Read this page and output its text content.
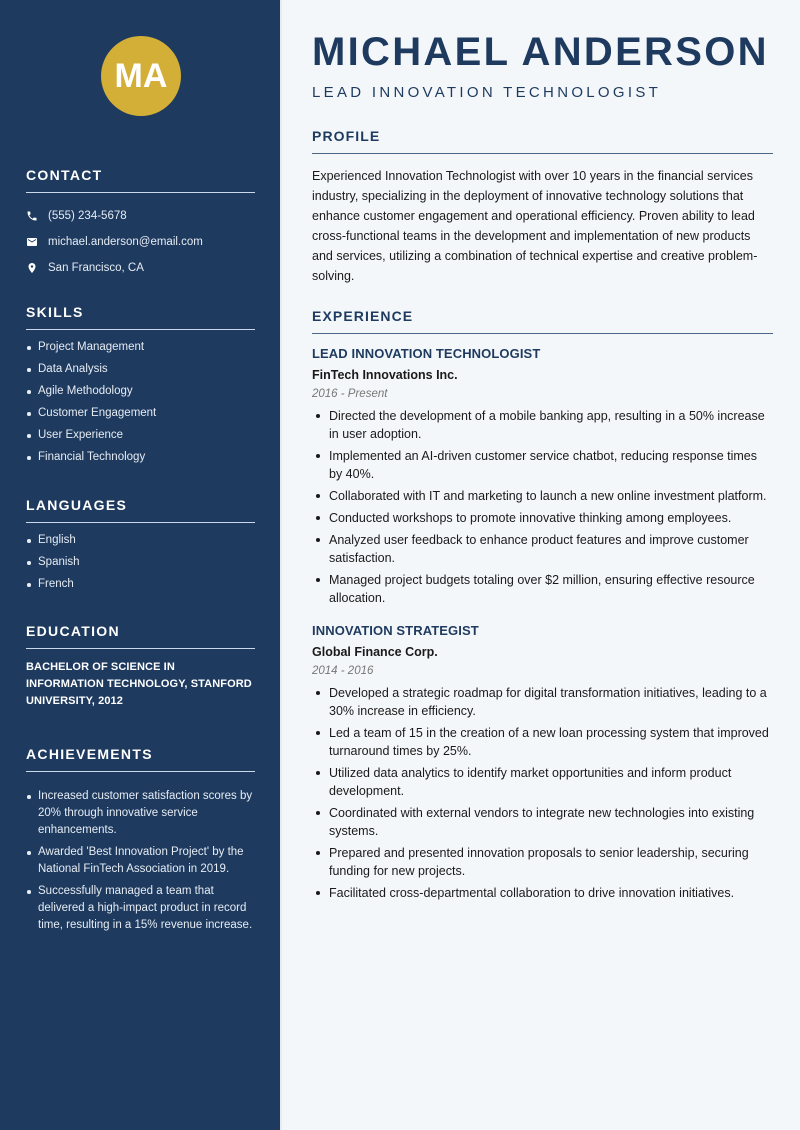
MA
CONTACT
(555) 234-5678
michael.anderson@email.com
San Francisco, CA
SKILLS
Project Management
Data Analysis
Agile Methodology
Customer Engagement
User Experience
Financial Technology
LANGUAGES
English
Spanish
French
EDUCATION

BACHELOR OF SCIENCE IN INFORMATION TECHNOLOGY, STANFORD UNIVERSITY, 2012

ACHIEVEMENTS
Increased customer satisfaction scores by 20% through innovative service enhancements.
Awarded 'Best Innovation Project' by the National FinTech Association in 2019.
Successfully managed a team that delivered a high-impact product in record time, resulting in a 15% revenue increase.
MICHAEL ANDERSON
LEAD INNOVATION TECHNOLOGIST
PROFILE

Experienced Innovation Technologist with over 10 years in the financial services industry, specializing in the deployment of innovative technology solutions that enhance customer engagement and operational efficiency. Proven ability to lead cross-functional teams in the development and implementation of new products and services, utilizing a combination of technical expertise and creative problem-solving.

EXPERIENCE
LEAD INNOVATION TECHNOLOGIST
FinTech Innovations Inc.
2016 - Present
Directed the development of a mobile banking app, resulting in a 50% increase in user adoption.
Implemented an AI-driven customer service chatbot, reducing response times by 40%.
Collaborated with IT and marketing to launch a new online investment platform.
Conducted workshops to promote innovative thinking among employees.
Analyzed user feedback to enhance product features and improve customer satisfaction.
Managed project budgets totaling over $2 million, ensuring effective resource allocation.
INNOVATION STRATEGIST
Global Finance Corp.
2014 - 2016
Developed a strategic roadmap for digital transformation initiatives, leading to a 30% increase in efficiency.
Led a team of 15 in the creation of a new loan processing system that improved turnaround times by 25%.
Utilized data analytics to identify market opportunities and inform product development.
Coordinated with external vendors to integrate new technologies into existing systems.
Prepared and presented innovation proposals to senior leadership, securing funding for new projects.
Facilitated cross-departmental collaboration to drive innovation initiatives.
